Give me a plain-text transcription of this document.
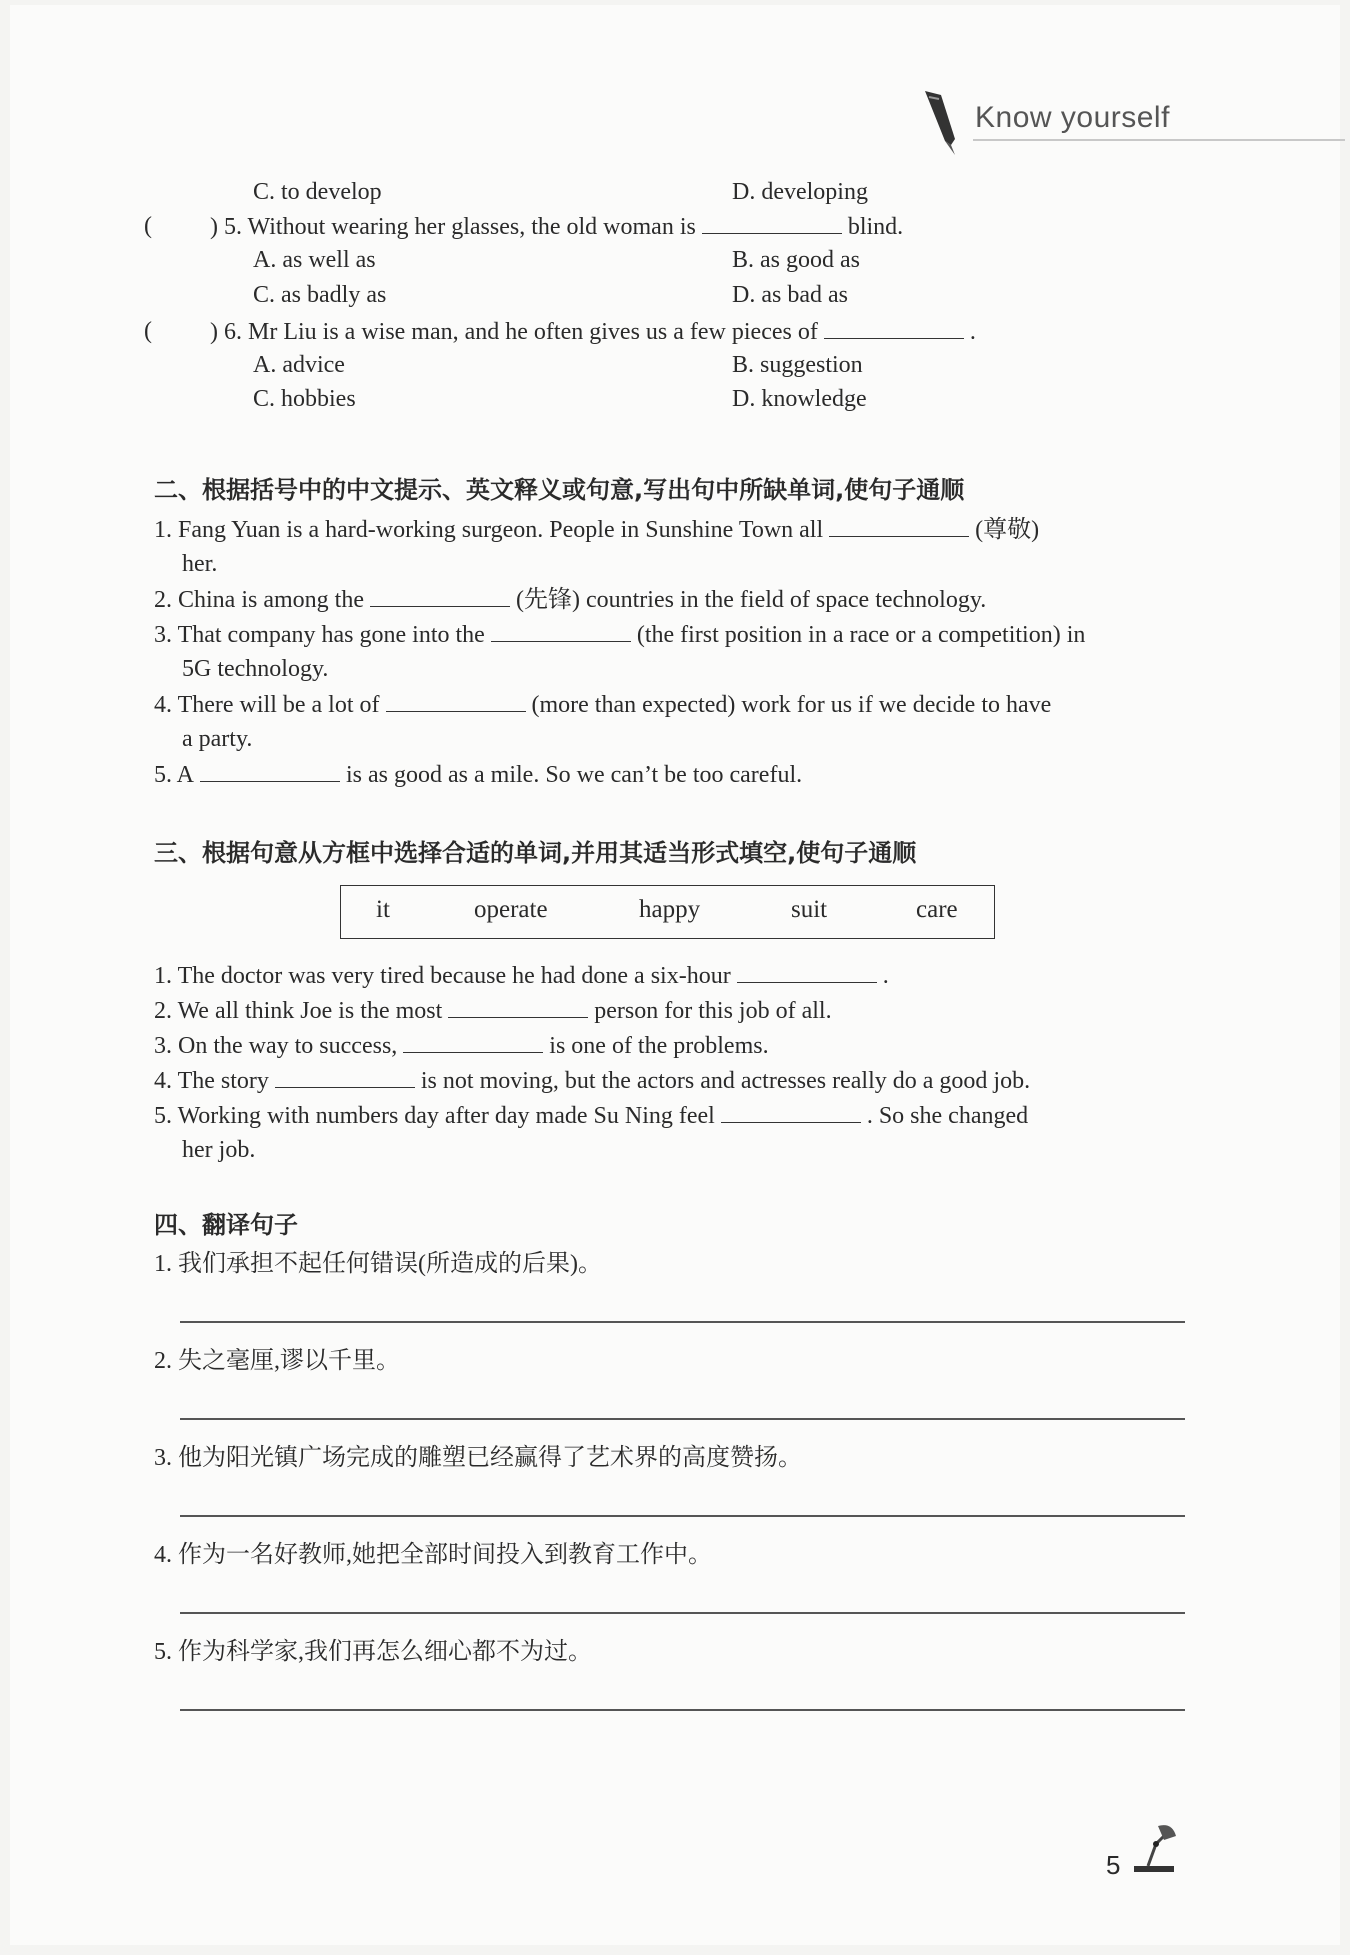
Know yourself
C. to develop	D. developing
( ) 5. Without wearing her glasses, the old woman is	blind.
A. as well as	B. as good as
C. as badly as	D. as bad as
( ) 6. Mr Liu is a wise man, and he often gives us a few pieces of	.
A. advice	B. suggestion
C. hobbies	D. knowledge
二、根据括号中的中文提示、英文释义或句意,写出句中所缺单词,使句子通顺
1. Fang Yuan is a hard-working surgeon. People in Sunshine Town all	(尊敬)
her.
2. China is among the	(先锋) countries in the field of space technology.
3. That company has gone into the	(the first position in a race or a competition) in
5G technology.
4. There will be a lot of	(more than expected) work for us if we decide to have
a party.
5. A	is as good as a mile. So we can’t be too careful.
三、根据句意从方框中选择合适的单词,并用其适当形式填空,使句子通顺
it	operate	happy	suit	care
1. The doctor was very tired because he had done a six-hour	.
2. We all think Joe is the most	person for this job of all.
3. On the way to success,	is one of the problems.
4. The story	is not moving, but the actors and actresses really do a good job.
5. Working with numbers day after day made Su Ning feel	. So she changed
her job.
四、翻译句子
1. 我们承担不起任何错误(所造成的后果)。
2. 失之毫厘,谬以千里。
3. 他为阳光镇广场完成的雕塑已经赢得了艺术界的高度赞扬。
4. 作为一名好教师,她把全部时间投入到教育工作中。
5. 作为科学家,我们再怎么细心都不为过。
5
